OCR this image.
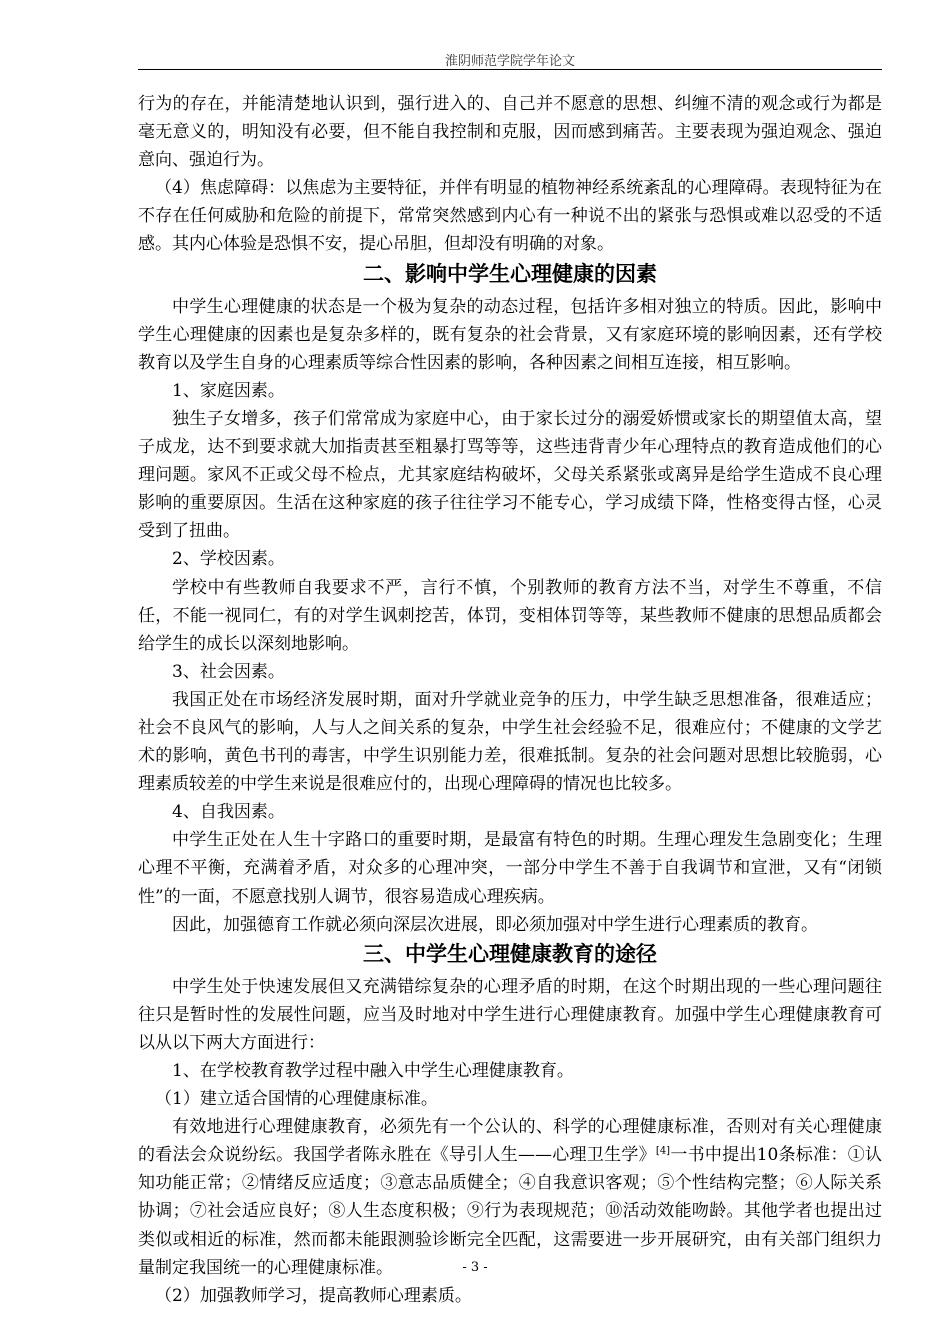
淮阴师范学院学年论文

行为的存在，并能清楚地认识到，强行进入的、自己并不愿意的思想、纠缠不清的观念或行为都是毫无意义的，明知没有必要，但不能自我控制和克服，因而感到痛苦。主要表现为强迫观念、强迫意向、强迫行为。

（4）焦虑障碍：以焦虑为主要特征，并伴有明显的植物神经系统紊乱的心理障碍。表现特征为在不存在任何威胁和危险的前提下，常常突然感到内心有一种说不出的紧张与恐惧或难以忍受的不适感。其内心体验是恐惧不安，提心吊胆，但却没有明确的对象。

二、影响中学生心理健康的因素

中学生心理健康的状态是一个极为复杂的动态过程，包括许多相对独立的特质。因此，影响中学生心理健康的因素也是复杂多样的，既有复杂的社会背景，又有家庭环境的影响因素，还有学校教育以及学生自身的心理素质等综合性因素的影响，各种因素之间相互连接，相互影响。

1、家庭因素。

独生子女增多，孩子们常常成为家庭中心，由于家长过分的溺爱娇惯或家长的期望值太高，望子成龙，达不到要求就大加指责甚至粗暴打骂等等，这些违背青少年心理特点的教育造成他们的心理问题。家风不正或父母不检点，尤其家庭结构破坏，父母关系紧张或离异是给学生造成不良心理影响的重要原因。生活在这种家庭的孩子往往学习不能专心，学习成绩下降，性格变得古怪，心灵受到了扭曲。

2、学校因素。

学校中有些教师自我要求不严，言行不慎，个别教师的教育方法不当，对学生不尊重，不信任，不能一视同仁，有的对学生讽刺挖苦，体罚，变相体罚等等，某些教师不健康的思想品质都会给学生的成长以深刻地影响。

3、社会因素。

我国正处在市场经济发展时期，面对升学就业竞争的压力，中学生缺乏思想准备，很难适应；社会不良风气的影响，人与人之间关系的复杂，中学生社会经验不足，很难应付；不健康的文学艺术的影响，黄色书刊的毒害，中学生识别能力差，很难抵制。复杂的社会问题对思想比较脆弱，心理素质较差的中学生来说是很难应付的，出现心理障碍的情况也比较多。

4、自我因素。

中学生正处在人生十字路口的重要时期，是最富有特色的时期。生理心理发生急剧变化；生理心理不平衡，充满着矛盾，对众多的心理冲突，一部分中学生不善于自我调节和宣泄，又有“闭锁性”的一面，不愿意找别人调节，很容易造成心理疾病。

因此，加强德育工作就必须向深层次进展，即必须加强对中学生进行心理素质的教育。

三、中学生心理健康教育的途径

中学生处于快速发展但又充满错综复杂的心理矛盾的时期，在这个时期出现的一些心理问题往往只是暂时性的发展性问题，应当及时地对中学生进行心理健康教育。加强中学生心理健康教育可以从以下两大方面进行：

1、在学校教育教学过程中融入中学生心理健康教育。

（1）建立适合国情的心理健康标准。

有效地进行心理健康教育，必须先有一个公认的、科学的心理健康标准，否则对有关心理健康的看法会众说纷纭。我国学者陈永胜在《导引人生——心理卫生学》[4]一书中提出10条标准：①认知功能正常；②情绪反应适度；③意志品质健全；④自我意识客观；⑤个性结构完整；⑥人际关系协调；⑦社会适应良好；⑧人生态度积极；⑨行为表现规范；⑩活动效能吻龄。其他学者也提出过类似或相近的标准，然而都未能跟测验诊断完全匹配，这需要进一步开展研究，由有关部门组织力量制定我国统一的心理健康标准。

（2）加强教师学习，提高教师心理素质。

- 3 -
